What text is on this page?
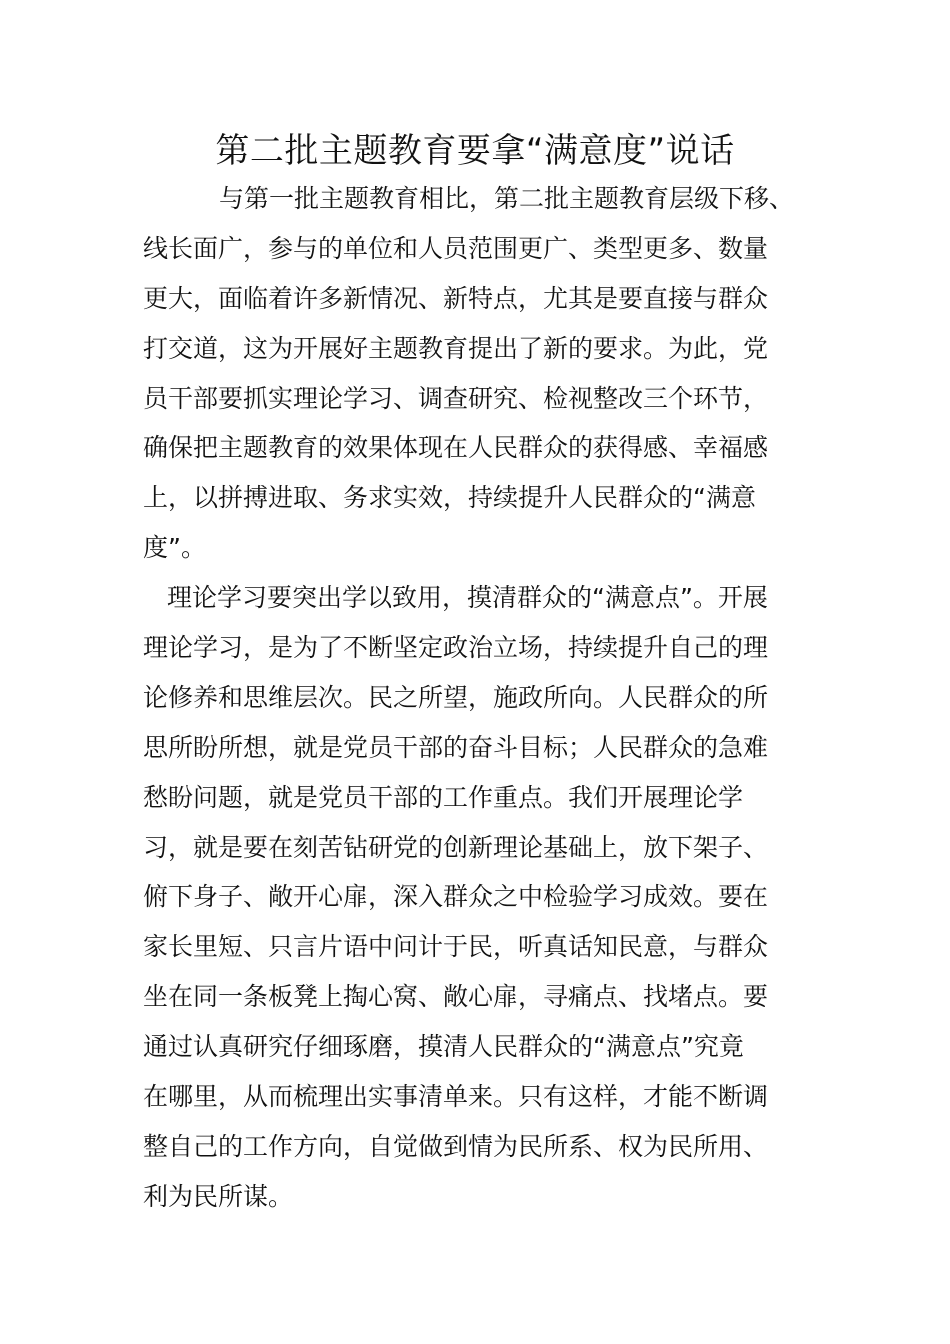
第二批主题教育要拿“满意度”说话
与第一批主题教育相比，第二批主题教育层级下移、
线长面广，参与的单位和人员范围更广、类型更多、数量
更大，面临着许多新情况、新特点，尤其是要直接与群众
打交道，这为开展好主题教育提出了新的要求。为此，党
员干部要抓实理论学习、调查研究、检视整改三个环节，
确保把主题教育的效果体现在人民群众的获得感、幸福感
上，以拼搏进取、务求实效，持续提升人民群众的“满意
度”。
理论学习要突出学以致用，摸清群众的“满意点”。开展
理论学习，是为了不断坚定政治立场，持续提升自己的理
论修养和思维层次。民之所望，施政所向。人民群众的所
思所盼所想，就是党员干部的奋斗目标；人民群众的急难
愁盼问题，就是党员干部的工作重点。我们开展理论学
习，就是要在刻苦钻研党的创新理论基础上，放下架子、
俯下身子、敞开心扉，深入群众之中检验学习成效。要在
家长里短、只言片语中问计于民，听真话知民意，与群众
坐在同一条板凳上掏心窝、敞心扉，寻痛点、找堵点。要
通过认真研究仔细琢磨，摸清人民群众的“满意点”究竟
在哪里，从而梳理出实事清单来。只有这样，才能不断调
整自己的工作方向，自觉做到情为民所系、权为民所用、
利为民所谋。
